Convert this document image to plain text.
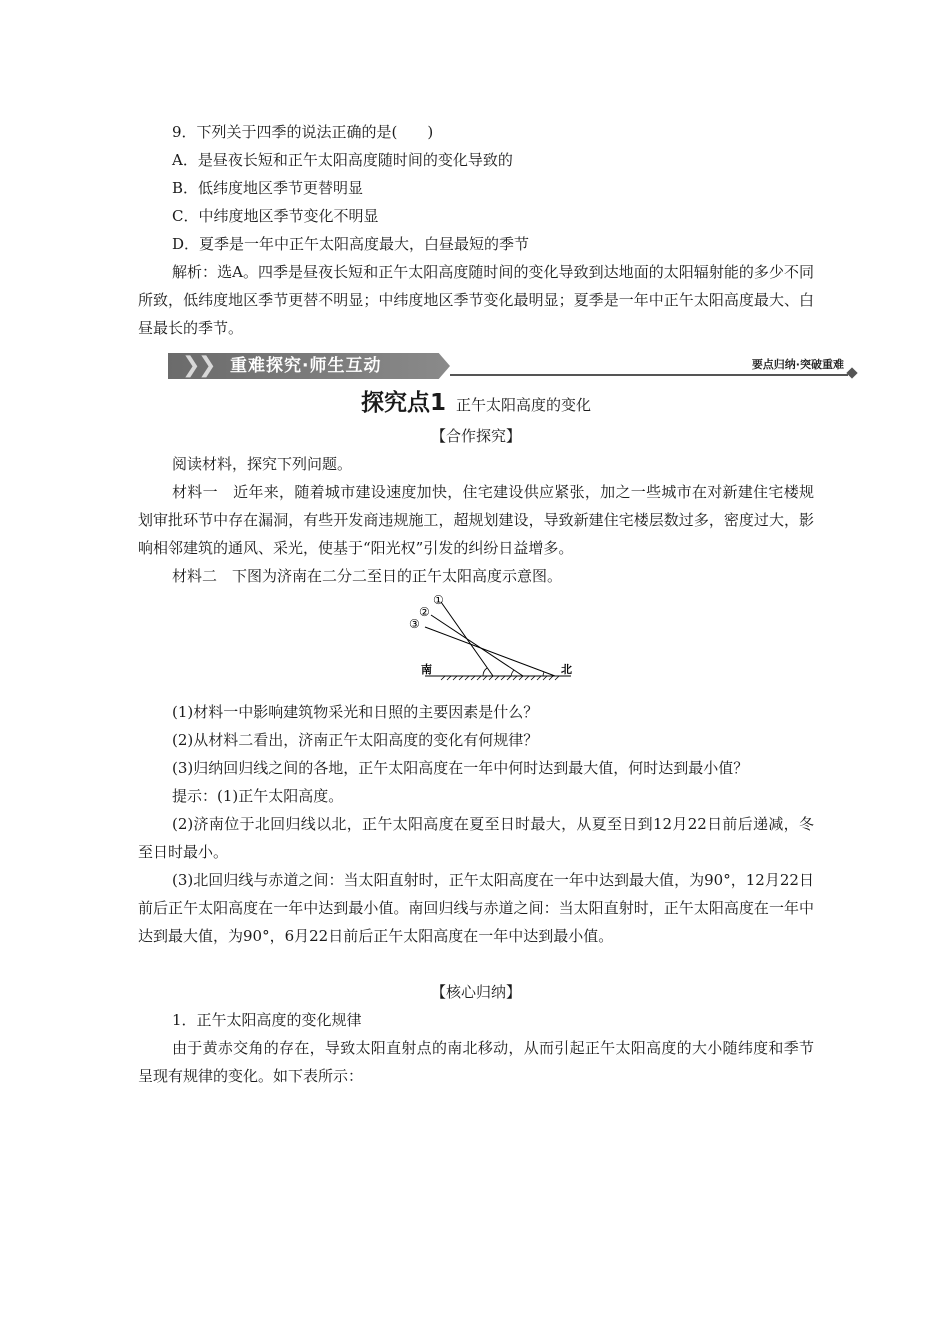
9．下列关于四季的说法正确的是(　　)
A．是昼夜长短和正午太阳高度随时间的变化导致的
B．低纬度地区季节更替明显
C．中纬度地区季节变化不明显
D．夏季是一年中正午太阳高度最大，白昼最短的季节
解析：选A。四季是昼夜长短和正午太阳高度随时间的变化导致到达地面的太阳辐射能的多少不同所致，低纬度地区季节更替不明显；中纬度地区季节变化最明显；夏季是一年中正午太阳高度最大、白昼最长的季节。
❯
❯ 重难探究·师生互动	要点归纳·突破重难
探究点1 正午太阳高度的变化
【合作探究】
阅读材料，探究下列问题。
材料一　近年来，随着城市建设速度加快，住宅建设供应紧张，加之一些城市在对新建住宅楼规划审批环节中存在漏洞，有些开发商违规施工，超规划建设，导致新建住宅楼层数过多，密度过大，影响相邻建筑的通风、采光，使基于“阳光权”引发的纠纷日益增多。
材料二　下图为济南在二分二至日的正午太阳高度示意图。
①
②
③
南	北
(1)材料一中影响建筑物采光和日照的主要因素是什么？
(2)从材料二看出，济南正午太阳高度的变化有何规律？
(3)归纳回归线之间的各地，正午太阳高度在一年中何时达到最大值，何时达到最小值？
提示：(1)正午太阳高度。
(2)济南位于北回归线以北，正午太阳高度在夏至日时最大，从夏至日到12月22日前后递减，冬至日时最小。
(3)北回归线与赤道之间：当太阳直射时，正午太阳高度在一年中达到最大值，为90°，12月22日前后正午太阳高度在一年中达到最小值。南回归线与赤道之间：当太阳直射时，正午太阳高度在一年中达到最大值，为90°，6月22日前后正午太阳高度在一年中达到最小值。
【核心归纳】
1．正午太阳高度的变化规律
由于黄赤交角的存在，导致太阳直射点的南北移动，从而引起正午太阳高度的大小随纬度和季节呈现有规律的变化。如下表所示：
